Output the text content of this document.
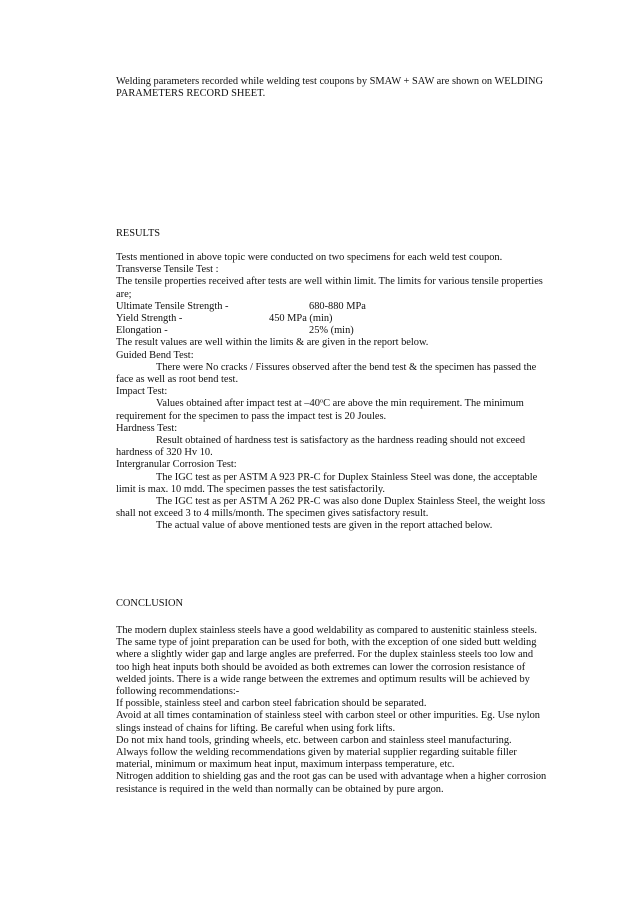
Welding parameters recorded while welding test coupons by SMAW + SAW are shown on WELDING
PARAMETERS RECORD SHEET.
RESULTS
Tests mentioned in above topic were conducted on two specimens for each weld test coupon.
Transverse Tensile Test :
The tensile properties received after tests are well within limit. The limits for various tensile properties
are;
Ultimate Tensile Strength -	680-880 MPa
Yield Strength -	450 MPa (min)
Elongation -	25% (min)
The result values are well within the limits & are given in the report below.
Guided Bend Test:
There were No cracks / Fissures observed after the bend test & the specimen has passed the
face as well as root bend test.
Impact Test:
Values obtained after impact test at –40$^o$C are above the min requirement. The minimum
requirement for the specimen to pass the impact test is 20 Joules.
Hardness Test:
Result obtained of hardness test is satisfactory as the hardness reading should not exceed
hardness of 320 Hv 10.
Intergranular Corrosion Test:
The IGC test as per ASTM A 923 PR-C for Duplex Stainless Steel was done, the acceptable
limit is max. 10 mdd. The specimen passes the test satisfactorily.
The IGC test as per ASTM A 262 PR-C was also done Duplex Stainless Steel, the weight loss
shall not exceed 3 to 4 mills/month. The specimen gives satisfactory result.
The actual value of above mentioned tests are given in the report attached below.
CONCLUSION
The modern duplex stainless steels have a good weldability as compared to austenitic stainless steels.
The same type of joint preparation can be used for both, with the exception of one sided butt welding
where a slightly wider gap and large angles are preferred. For the duplex stainless steels too low and
too high heat inputs both should be avoided as both extremes can lower the corrosion resistance of
welded joints. There is a wide range between the extremes and optimum results will be achieved by
following recommendations:-
If possible, stainless steel and carbon steel fabrication should be separated.
Avoid at all times contamination of stainless steel with carbon steel or other impurities. Eg. Use nylon
slings instead of chains for lifting. Be careful when using fork lifts.
Do not mix hand tools, grinding wheels, etc. between carbon and stainless steel manufacturing.
Always follow the welding recommendations given by material supplier regarding suitable filler
material, minimum or maximum heat input, maximum interpass temperature, etc.
Nitrogen addition to shielding gas and the root gas can be used with advantage when a higher corrosion
resistance is required in the weld than normally can be obtained by pure argon.
